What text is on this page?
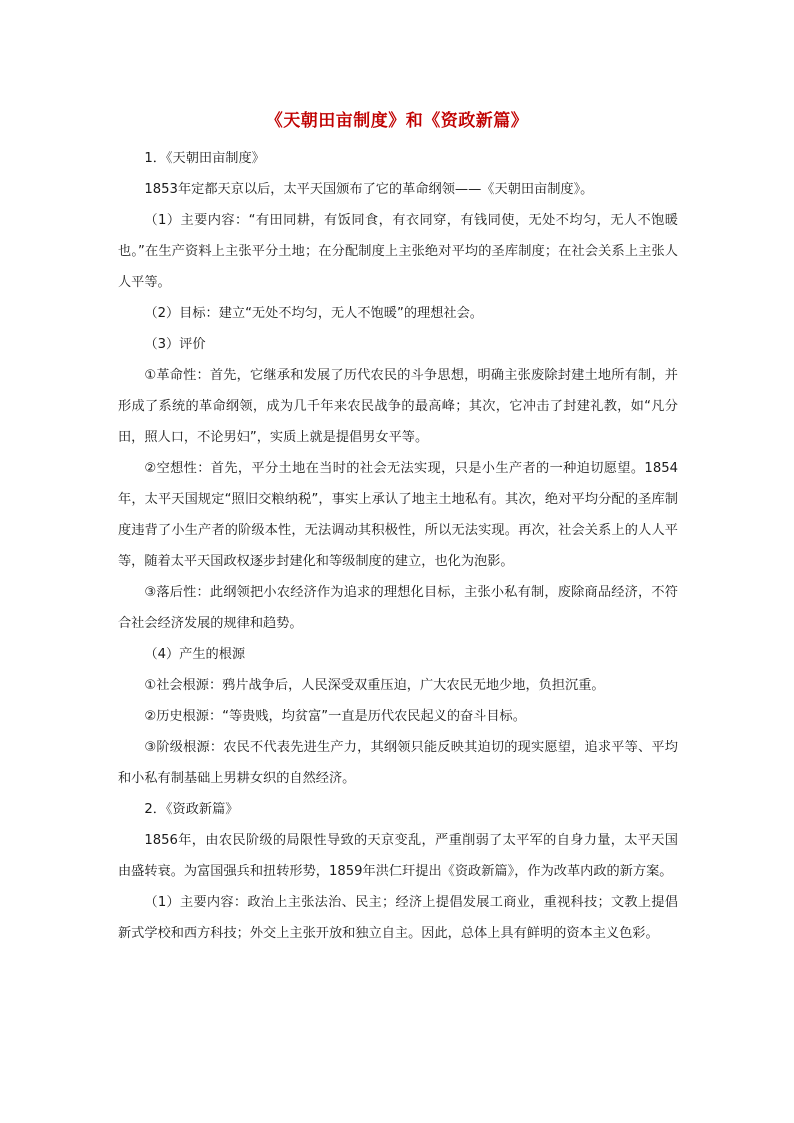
《天朝田亩制度》和《资政新篇》

1．《天朝田亩制度》

1853年定都天京以后，太平天国颁布了它的革命纲领——《天朝田亩制度》。

（1）主要内容：“有田同耕，有饭同食，有衣同穿，有钱同使，无处不均匀，无人不饱暖也。”在生产资料上主张平分土地；在分配制度上主张绝对平均的圣库制度；在社会关系上主张人人平等。

（2）目标：建立“无处不均匀，无人不饱暖”的理想社会。

（3）评价

①革命性：首先，它继承和发展了历代农民的斗争思想，明确主张废除封建土地所有制，并形成了系统的革命纲领，成为几千年来农民战争的最高峰；其次，它冲击了封建礼教，如“凡分田，照人口，不论男妇”，实质上就是提倡男女平等。

②空想性：首先，平分土地在当时的社会无法实现，只是小生产者的一种迫切愿望。1854年，太平天国规定“照旧交粮纳税”，事实上承认了地主土地私有。其次，绝对平均分配的圣库制度违背了小生产者的阶级本性，无法调动其积极性，所以无法实现。再次，社会关系上的人人平等，随着太平天国政权逐步封建化和等级制度的建立，也化为泡影。

③落后性：此纲领把小农经济作为追求的理想化目标，主张小私有制，废除商品经济，不符合社会经济发展的规律和趋势。

（4）产生的根源

①社会根源：鸦片战争后，人民深受双重压迫，广大农民无地少地，负担沉重。

②历史根源：“等贵贱，均贫富”一直是历代农民起义的奋斗目标。

③阶级根源：农民不代表先进生产力，其纲领只能反映其迫切的现实愿望，追求平等、平均和小私有制基础上男耕女织的自然经济。

2．《资政新篇》

1856年，由农民阶级的局限性导致的天京变乱，严重削弱了太平军的自身力量，太平天国由盛转衰。为富国强兵和扭转形势，1859年洪仁玕提出《资政新篇》，作为改革内政的新方案。

（1）主要内容：政治上主张法治、民主；经济上提倡发展工商业，重视科技；文教上提倡新式学校和西方科技；外交上主张开放和独立自主。因此，总体上具有鲜明的资本主义色彩。
